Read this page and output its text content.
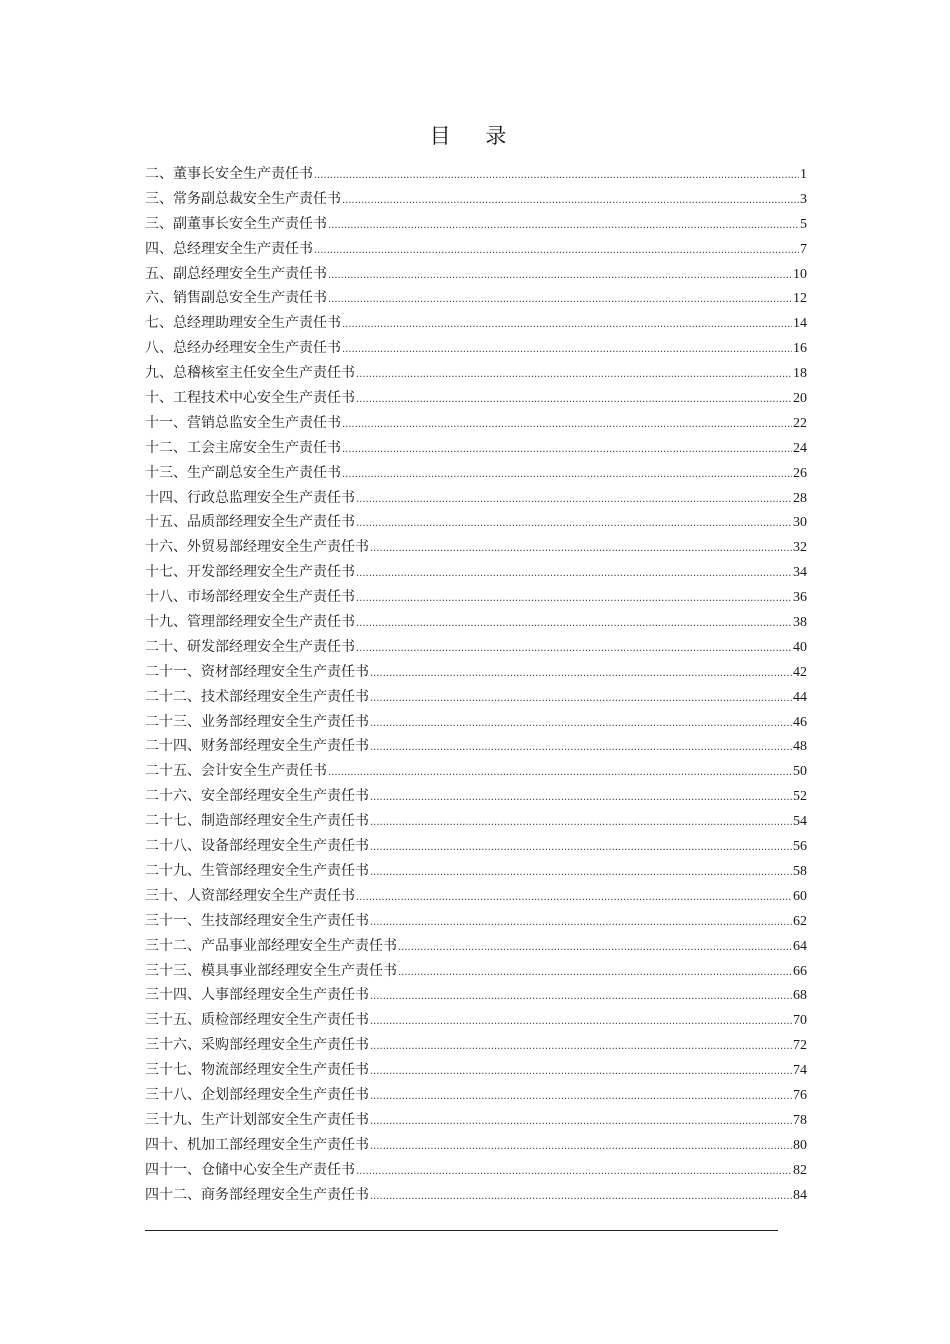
目 录
二、董事长安全生产责任书 .....	1
三、常务副总裁安全生产责任书 .....	3
三、副董事长安全生产责任书 .....	5
四、总经理安全生产责任书 .....	7
五、副总经理安全生产责任书 .....	10
六、销售副总安全生产责任书 .....	12
七、总经理助理安全生产责任书 .....	14
八、总经办经理安全生产责任书 .....	16
九、总稽核室主任安全生产责任书 .....	18
十、工程技术中心安全生产责任书 .....	20
十一、营销总监安全生产责任书 .....	22
十二、工会主席安全生产责任书 .....	24
十三、生产副总安全生产责任书 .....	26
十四、行政总监理安全生产责任书 .....	28
十五、品质部经理安全生产责任书 .....	30
十六、外贸易部经理安全生产责任书 .....	32
十七、开发部经理安全生产责任书 .....	34
十八、市场部经理安全生产责任书 .....	36
十九、管理部经理安全生产责任书 .....	38
二十、研发部经理安全生产责任书 .....	40
二十一、资材部经理安全生产责任书 .....	42
二十二、技术部经理安全生产责任书 .....	44
二十三、业务部经理安全生产责任书 .....	46
二十四、财务部经理安全生产责任书 .....	48
二十五、会计安全生产责任书 .....	50
二十六、安全部经理安全生产责任书 .....	52
二十七、制造部经理安全生产责任书 .....	54
二十八、设备部经理安全生产责任书 .....	56
二十九、生管部经理安全生产责任书 .....	58
三十、人资部经理安全生产责任书 .....	60
三十一、生技部经理安全生产责任书 .....	62
三十二、产品事业部经理安全生产责任书 .....	64
三十三、模具事业部经理安全生产责任书 .....	66
三十四、人事部经理安全生产责任书 .....	68
三十五、质检部经理安全生产责任书 .....	70
三十六、采购部经理安全生产责任书 .....	72
三十七、物流部经理安全生产责任书 .....	74
三十八、企划部经理安全生产责任书 .....	76
三十九、生产计划部安全生产责任书 .....	78
四十、机加工部经理安全生产责任书 .....	80
四十一、仓储中心安全生产责任书 .....	82
四十二、商务部经理安全生产责任书 .....	84
